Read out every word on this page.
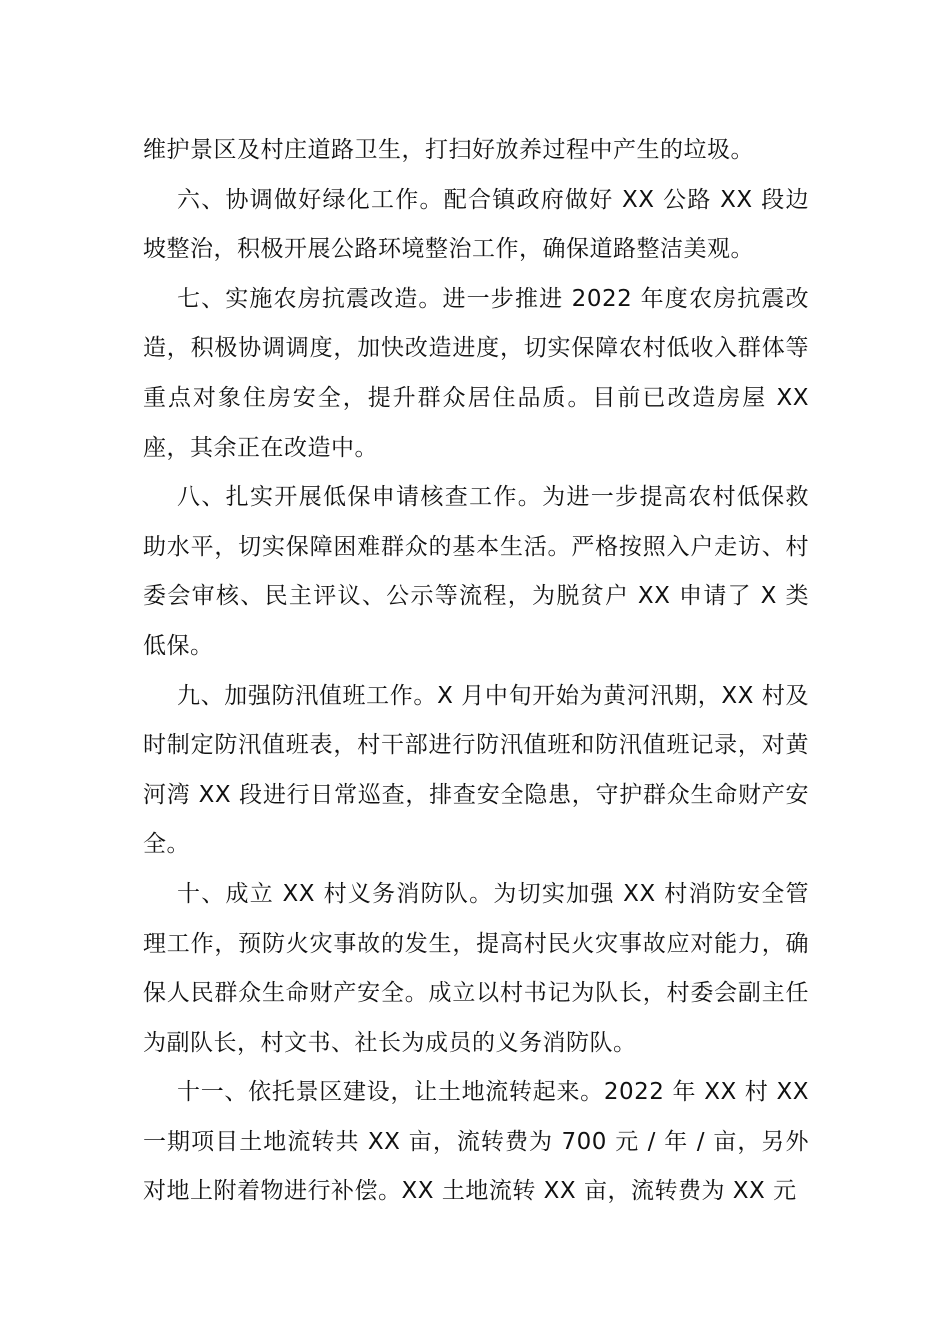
维护景区及村庄道路卫生，打扫好放养过程中产生的垃圾。

六、协调做好绿化工作。配合镇政府做好 XX 公路 XX 段边坡整治，积极开展公路环境整治工作，确保道路整洁美观。

七、实施农房抗震改造。进一步推进 2022 年度农房抗震改造，积极协调调度，加快改造进度，切实保障农村低收入群体等重点对象住房安全，提升群众居住品质。目前已改造房屋 XX 座，其余正在改造中。

八、扎实开展低保申请核查工作。为进一步提高农村低保救助水平，切实保障困难群众的基本生活。严格按照入户走访、村委会审核、民主评议、公示等流程，为脱贫户 XX 申请了 X 类低保。

九、加强防汛值班工作。X 月中旬开始为黄河汛期，XX 村及时制定防汛值班表，村干部进行防汛值班和防汛值班记录，对黄河湾 XX 段进行日常巡查，排查安全隐患，守护群众生命财产安全。

十、成立 XX 村义务消防队。为切实加强 XX 村消防安全管理工作，预防火灾事故的发生，提高村民火灾事故应对能力，确保人民群众生命财产安全。成立以村书记为队长，村委会副主任为副队长，村文书、社长为成员的义务消防队。

十一、依托景区建设，让土地流转起来。2022 年 XX 村 XX 一期项目土地流转共 XX 亩，流转费为 700 元 / 年 / 亩，另外对地上附着物进行补偿。XX 土地流转 XX 亩，流转费为 XX 元
